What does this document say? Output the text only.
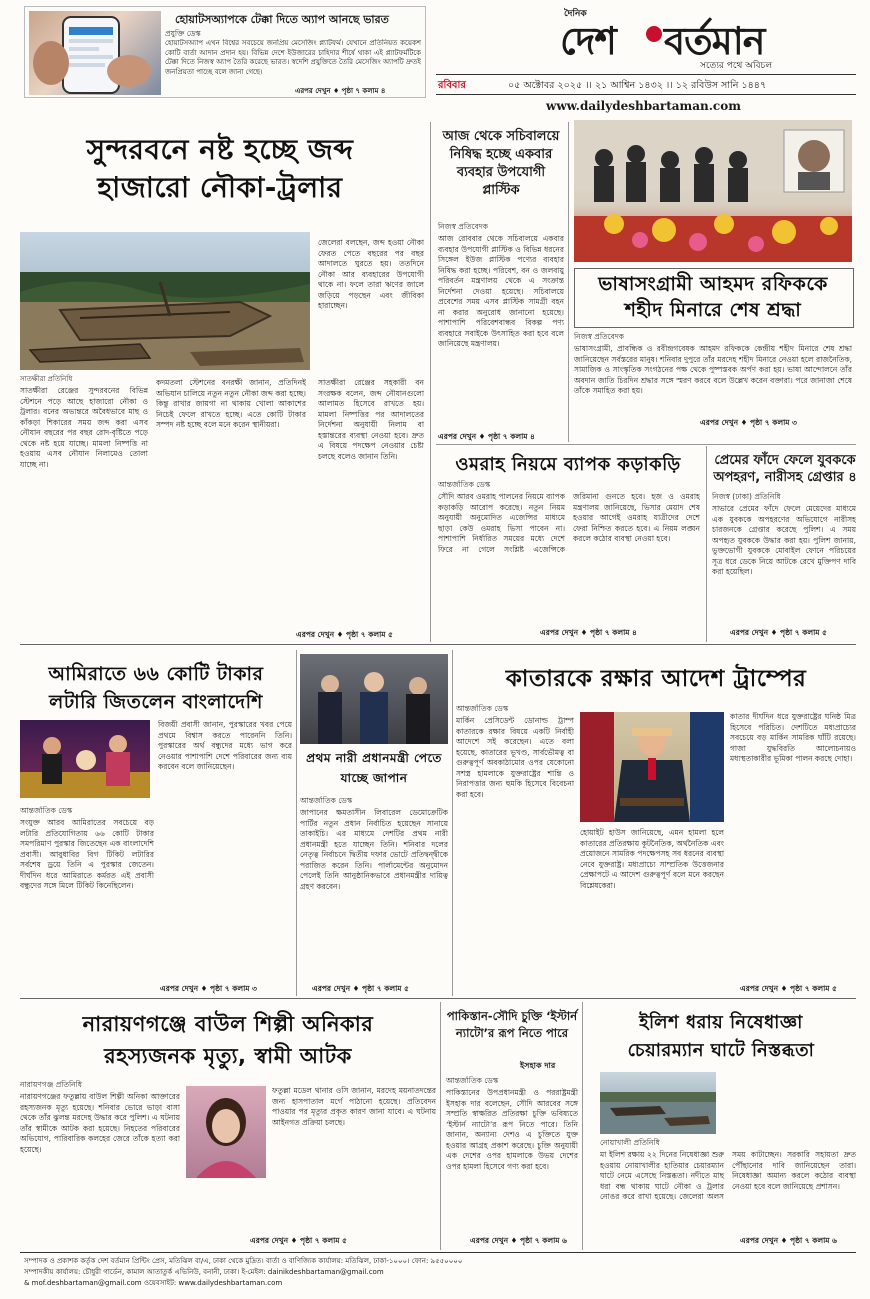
হোয়াটসঅ্যাপকে টেক্কা দিতে অ্যাপ আনছে ভারত
প্রযুক্তি ডেস্ক
হোয়াটসঅ্যাপ এখন বিশ্বের সবচেয়ে জনপ্রিয় মেসেজিং প্ল্যাটফর্ম। যেখানে প্রতিনিয়ত কয়েকশ কোটি বার্তা আদান প্রদান হয়। বিভিন্ন দেশে ইউজারের চাহিদার শীর্ষে থাকা এই প্ল্যাটফর্মটিকে টেক্কা দিতে নিজস্ব অ্যাপ তৈরি করেছে ভারত। স্বদেশি প্রযুক্তিতে তৈরি মেসেজিং অ্যাপটি দ্রুতই জনপ্রিয়তা পাচ্ছে বলে জানা গেছে।
এরপর দেখুন ♦ পৃষ্ঠা ৭ কলাম ৪
দৈনিক
দেশ বর্তমান
সত্যের পথে অবিচল
রবিবার	০৫ অক্টোবর ২০২৫ ।। ২১ আশ্বিন ১৪৩২ ।। ১২ রবিউস সানি ১৪৪৭
www.dailydeshbartaman.com
সুন্দরবনে নষ্ট হচ্ছে জব্দ
হাজারো নৌকা-ট্রলার
সাতক্ষীরা প্রতিনিধি
সাতক্ষীরা রেঞ্জের সুন্দরবনের বিভিন্ন স্টেশনে পড়ে আছে হাজারো নৌকা ও ট্রলার। বনের অভ্যন্তরে অবৈধভাবে মাছ ও কাঁকড়া শিকারের সময় জব্দ করা এসব নৌযান বছরের পর বছর রোদ-বৃষ্টিতে পড়ে থেকে নষ্ট হয়ে যাচ্ছে। মামলা নিষ্পত্তি না হওয়ায় এসব নৌযান নিলামেও তোলা যাচ্ছে না।
কদমতলা স্টেশনের বনরক্ষী জানান, প্রতিদিনই অভিযান চালিয়ে নতুন নতুন নৌকা জব্দ করা হচ্ছে। কিন্তু রাখার জায়গা না থাকায় খোলা আকাশের নিচেই ফেলে রাখতে হচ্ছে। এতে কোটি টাকার সম্পদ নষ্ট হচ্ছে বলে মনে করেন স্থানীয়রা।
জেলেরা বলছেন, জব্দ হওয়া নৌকা ফেরত পেতে বছরের পর বছর আদালতে ঘুরতে হয়। ততদিনে নৌকা আর ব্যবহারের উপযোগী থাকে না। ফলে তারা ঋণের জালে জড়িয়ে পড়ছেন এবং জীবিকা হারাচ্ছেন।
সাতক্ষীরা রেঞ্জের সহকারী বন সংরক্ষক বলেন, জব্দ নৌযানগুলো আলামত হিসেবে রাখতে হয়। মামলা নিষ্পত্তির পর আদালতের নির্দেশনা অনুযায়ী নিলাম বা হস্তান্তরের ব্যবস্থা নেওয়া হবে। দ্রুত এ বিষয়ে পদক্ষেপ নেওয়ার চেষ্টা চলছে বলেও জানান তিনি।
এরপর দেখুন ♦ পৃষ্ঠা ৭ কলাম ৫
আজ থেকে সচিবালয়ে নিষিদ্ধ হচ্ছে একবার ব্যবহার উপযোগী প্লাস্টিক
নিজস্ব প্রতিবেদক
আজ রোববার থেকে সচিবালয়ে একবার ব্যবহার উপযোগী প্লাস্টিক ও বিভিন্ন ধরনের সিঙ্গেল ইউজ প্লাস্টিক পণ্যের ব্যবহার নিষিদ্ধ করা হচ্ছে। পরিবেশ, বন ও জলবায়ু পরিবর্তন মন্ত্রণালয় থেকে এ সংক্রান্ত নির্দেশনা দেওয়া হয়েছে। সচিবালয়ে প্রবেশের সময় এসব প্লাস্টিক সামগ্রী বহন না করার অনুরোধ জানানো হয়েছে। পাশাপাশি পরিবেশবান্ধব বিকল্প পণ্য ব্যবহারে সবাইকে উৎসাহিত করা হবে বলে জানিয়েছে মন্ত্রণালয়।
এরপর দেখুন ♦ পৃষ্ঠা ৭ কলাম ৪
ভাষাসংগ্রামী আহমদ রফিককে
শহীদ মিনারে শেষ শ্রদ্ধা
নিজস্ব প্রতিবেদক
ভাষাসংগ্রামী, প্রাবন্ধিক ও রবীন্দ্রগবেষক আহমদ রফিককে কেন্দ্রীয় শহীদ মিনারে শেষ শ্রদ্ধা জানিয়েছেন সর্বস্তরের মানুষ। শনিবার দুপুরে তাঁর মরদেহ শহীদ মিনারে নেওয়া হলে রাজনৈতিক, সামাজিক ও সাংস্কৃতিক সংগঠনের পক্ষ থেকে পুষ্পস্তবক অর্পণ করা হয়। ভাষা আন্দোলনে তাঁর অবদান জাতি চিরদিন শ্রদ্ধার সঙ্গে স্মরণ করবে বলে উল্লেখ করেন বক্তারা। পরে জানাজা শেষে তাঁকে সমাহিত করা হয়।
এরপর দেখুন ♦ পৃষ্ঠা ৭ কলাম ৩
ওমরাহ নিয়মে ব্যাপক কড়াকড়ি
আন্তর্জাতিক ডেস্ক
সৌদি আরব ওমরাহ পালনের নিয়মে ব্যাপক কড়াকড়ি আরোপ করেছে। নতুন নিয়ম অনুযায়ী অনুমোদিত এজেন্সির মাধ্যমে ছাড়া কেউ ওমরাহ ভিসা পাবেন না। পাশাপাশি নির্ধারিত সময়ের মধ্যে দেশে ফিরে না গেলে সংশ্লিষ্ট এজেন্সিকে জরিমানা গুনতে হবে। হজ ও ওমরাহ মন্ত্রণালয় জানিয়েছে, ভিসার মেয়াদ শেষ হওয়ার আগেই ওমরাহ যাত্রীদের দেশে ফেরা নিশ্চিত করতে হবে। এ নিয়ম লঙ্ঘন করলে কঠোর ব্যবস্থা নেওয়া হবে।
এরপর দেখুন ♦ পৃষ্ঠা ৭ কলাম ৪
প্রেমের ফাঁদে ফেলে যুবককে অপহরণ, নারীসহ গ্রেপ্তার ৪
নিজস্ব (ঢাকা) প্রতিনিধি
সাভারে প্রেমের ফাঁদে ফেলে মেয়েদের মাধ্যমে এক যুবককে অপহরণের অভিযোগে নারীসহ চারজনকে গ্রেপ্তার করেছে পুলিশ। এ সময় অপহৃত যুবককে উদ্ধার করা হয়। পুলিশ জানায়, ভুক্তভোগী যুবককে মোবাইল ফোনে পরিচয়ের সূত্র ধরে ডেকে নিয়ে আটকে রেখে মুক্তিপণ দাবি করা হয়েছিল।
এরপর দেখুন ♦ পৃষ্ঠা ৭ কলাম ৫
আমিরাতে ৬৬ কোটি টাকার
লটারি জিতলেন বাংলাদেশি
আন্তর্জাতিক ডেস্ক
সংযুক্ত আরব আমিরাতের সবচেয়ে বড় লটারি প্রতিযোগিতায় ৬৬ কোটি টাকার সমপরিমাণ পুরস্কার জিতেছেন এক বাংলাদেশি প্রবাসী। আবুধাবির বিগ টিকিট লটারির সর্বশেষ ড্রয়ে তিনি এ পুরস্কার জেতেন। দীর্ঘদিন ধরে আমিরাতে কর্মরত এই প্রবাসী বন্ধুদের সঙ্গে মিলে টিকিট কিনেছিলেন।
বিজয়ী প্রবাসী জানান, পুরস্কারের খবর পেয়ে প্রথমে বিশ্বাস করতে পারেননি তিনি। পুরস্কারের অর্থ বন্ধুদের মধ্যে ভাগ করে নেওয়ার পাশাপাশি দেশে পরিবারের জন্য ব্যয় করবেন বলে জানিয়েছেন।
এরপর দেখুন ♦ পৃষ্ঠা ৭ কলাম ৩
প্রথম নারী প্রধানমন্ত্রী পেতে যাচ্ছে জাপান
আন্তর্জাতিক ডেস্ক
জাপানের ক্ষমতাসীন লিবারেল ডেমোক্রেটিক পার্টির নতুন প্রধান নির্বাচিত হয়েছেন সানায়ে তাকাইচি। এর মাধ্যমে দেশটির প্রথম নারী প্রধানমন্ত্রী হতে যাচ্ছেন তিনি। শনিবার দলের নেতৃত্ব নির্বাচনে দ্বিতীয় দফার ভোটে প্রতিদ্বন্দ্বীকে পরাজিত করেন তিনি। পার্লামেন্টের অনুমোদন পেলেই তিনি আনুষ্ঠানিকভাবে প্রধানমন্ত্রীর দায়িত্ব গ্রহণ করবেন।
এরপর দেখুন ♦ পৃষ্ঠা ৭ কলাম ৫
কাতারকে রক্ষার আদেশ ট্রাম্পের
আন্তর্জাতিক ডেস্ক
মার্কিন প্রেসিডেন্ট ডোনাল্ড ট্রাম্প কাতারকে রক্ষার বিষয়ে একটি নির্বাহী আদেশে সই করেছেন। এতে বলা হয়েছে, কাতারের ভূখণ্ড, সার্বভৌমত্ব বা গুরুত্বপূর্ণ অবকাঠামোর ওপর যেকোনো সশস্ত্র হামলাকে যুক্তরাষ্ট্রের শান্তি ও নিরাপত্তার জন্য হুমকি হিসেবে বিবেচনা করা হবে।
হোয়াইট হাউস জানিয়েছে, এমন হামলা হলে কাতারের প্রতিরক্ষায় কূটনৈতিক, অর্থনৈতিক এবং প্রয়োজনে সামরিক পদক্ষেপসহ সব ধরনের ব্যবস্থা নেবে যুক্তরাষ্ট্র। মধ্যপ্রাচ্যে সাম্প্রতিক উত্তেজনার প্রেক্ষাপটে এ আদেশ গুরুত্বপূর্ণ বলে মনে করছেন বিশ্লেষকেরা।
কাতার দীর্ঘদিন ধরে যুক্তরাষ্ট্রের ঘনিষ্ঠ মিত্র হিসেবে পরিচিত। দেশটিতে মধ্যপ্রাচ্যের সবচেয়ে বড় মার্কিন সামরিক ঘাঁটি রয়েছে। গাজা যুদ্ধবিরতি আলোচনায়ও মধ্যস্থতাকারীর ভূমিকা পালন করছে দোহা।
এরপর দেখুন ♦ পৃষ্ঠা ৭ কলাম ৫
নারায়ণগঞ্জে বাউল শিল্পী অনিকার
রহস্যজনক মৃত্যু, স্বামী আটক
নারায়ণগঞ্জ প্রতিনিধি
নারায়ণগঞ্জের ফতুল্লায় বাউল শিল্পী অনিকা আক্তারের রহস্যজনক মৃত্যু হয়েছে। শনিবার ভোরে ভাড়া বাসা থেকে তাঁর ঝুলন্ত মরদেহ উদ্ধার করে পুলিশ। এ ঘটনায় তাঁর স্বামীকে আটক করা হয়েছে। নিহতের পরিবারের অভিযোগ, পারিবারিক কলহের জেরে তাঁকে হত্যা করা হয়েছে।
ফতুল্লা মডেল থানার ওসি জানান, মরদেহ ময়নাতদন্তের জন্য হাসপাতাল মর্গে পাঠানো হয়েছে। প্রতিবেদন পাওয়ার পর মৃত্যুর প্রকৃত কারণ জানা যাবে। এ ঘটনায় আইনগত প্রক্রিয়া চলছে।
এরপর দেখুন ♦ পৃষ্ঠা ৭ কলাম ৫
পাকিস্তান-সৌদি চুক্তি ‘ইস্টার্ন ন্যাটো’র রূপ নিতে পারে
ইসহাক দার
আন্তর্জাতিক ডেস্ক
পাকিস্তানের উপপ্রধানমন্ত্রী ও পররাষ্ট্রমন্ত্রী ইসহাক দার বলেছেন, সৌদি আরবের সঙ্গে সম্প্রতি স্বাক্ষরিত প্রতিরক্ষা চুক্তি ভবিষ্যতে ‘ইস্টার্ন ন্যাটো’র রূপ নিতে পারে। তিনি জানান, অন্যান্য দেশও এ চুক্তিতে যুক্ত হওয়ার আগ্রহ প্রকাশ করেছে। চুক্তি অনুযায়ী এক দেশের ওপর হামলাকে উভয় দেশের ওপর হামলা হিসেবে গণ্য করা হবে।
এরপর দেখুন ♦ পৃষ্ঠা ৭ কলাম ৬
ইলিশ ধরায় নিষেধাজ্ঞা
চেয়ারম্যান ঘাটে নিস্তব্ধতা
নোয়াখালী প্রতিনিধি
মা ইলিশ রক্ষায় ২২ দিনের নিষেধাজ্ঞা শুরু হওয়ায় নোয়াখালীর হাতিয়ার চেয়ারম্যান ঘাটে নেমে এসেছে নিস্তব্ধতা। নদীতে মাছ ধরা বন্ধ থাকায় ঘাটে নৌকা ও ট্রলার নোঙর করে রাখা হয়েছে। জেলেরা অলস সময় কাটাচ্ছেন। সরকারি সহায়তা দ্রুত পৌঁছানোর দাবি জানিয়েছেন তারা। নিষেধাজ্ঞা অমান্য করলে কঠোর ব্যবস্থা নেওয়া হবে বলে জানিয়েছে প্রশাসন।
এরপর দেখুন ♦ পৃষ্ঠা ৭ কলাম ৬
সম্পাদক ও প্রকাশক কর্তৃক দেশ বর্তমান প্রিন্টিং প্রেস, মতিঝিল বা/এ, ঢাকা থেকে মুদ্রিত। বার্তা ও বাণিজ্যিক কার্যালয়: মতিঝিল, ঢাকা-১০০০। ফোন: ৯৫৫০০০০
সম্পাদকীয় কার্যালয়: চৌধুরী গার্ডেন, কামাল আতাতুর্ক এভিনিউ, বনানী, ঢাকা। ই-মেইল: dainikdeshbartaman@gmail.com
& mof.deshbartaman@gmail.com ওয়েবসাইট: www.dailydeshbartaman.com
